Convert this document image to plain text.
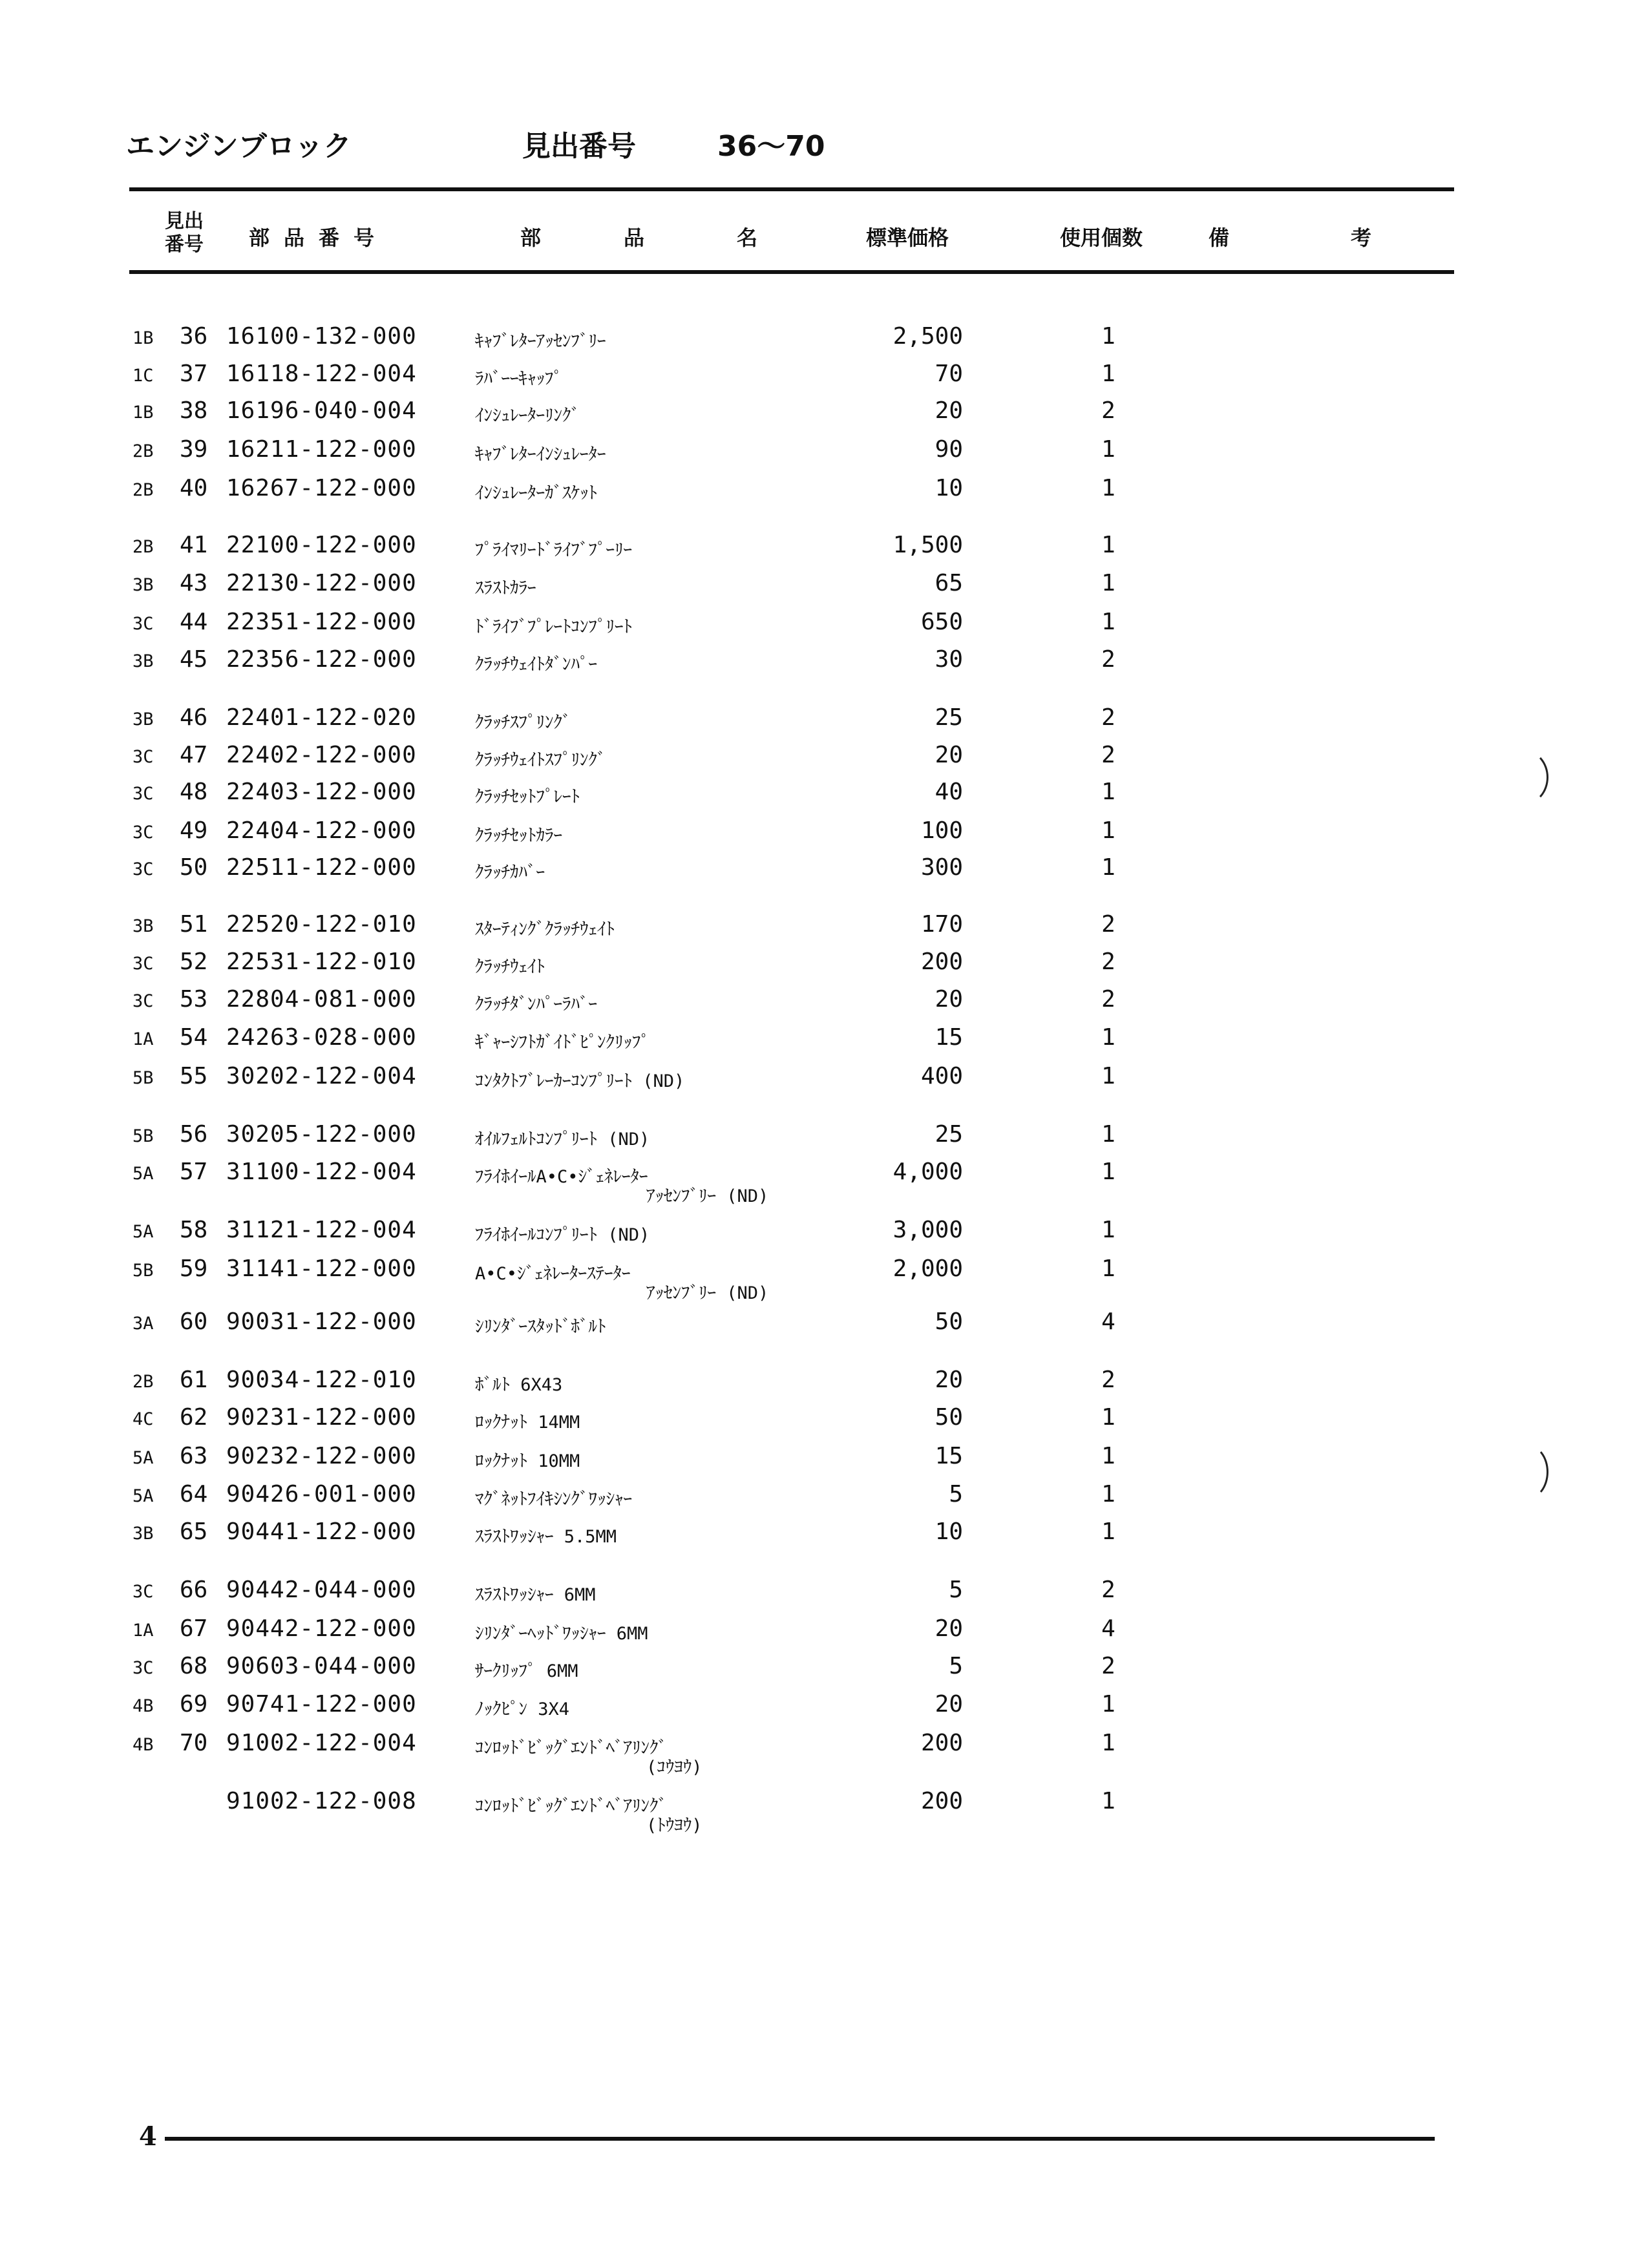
エンジンブロック	見出番号	36〜70
見出
番号 部品番号	部	品	名	標準価格	使用個数	備	考
1B 36 16100-132-000	ｷｬﾌﾞﾚﾀｰｱｯｾﾝﾌﾞﾘｰ	2,500	1
1C 37 16118-122-004	ﾗﾊﾞｰｰｷｬｯﾌﾟ	70	1
1B 38 16196-040-004	ｲﾝｼｭﾚｰﾀｰﾘﾝｸﾞ	20	2
2B 39 16211-122-000	ｷｬﾌﾞﾚﾀｰｲﾝｼｭﾚｰﾀｰ	90	1
2B 40 16267-122-000	ｲﾝｼｭﾚｰﾀｰｶﾞｽｹｯﾄ	10	1
2B 41 22100-122-000	ﾌﾟﾗｲﾏﾘｰﾄﾞﾗｲﾌﾞﾌﾟｰﾘｰ	1,500	1
3B 43 22130-122-000	ｽﾗｽﾄｶﾗｰ	65	1
3C 44 22351-122-000	ﾄﾞﾗｲﾌﾞﾌﾟﾚｰﾄｺﾝﾌﾟﾘｰﾄ	650	1
3B 45 22356-122-000	ｸﾗｯﾁｳｪｲﾄﾀﾞﾝﾊﾟｰ	30	2
3B 46 22401-122-020	ｸﾗｯﾁｽﾌﾟﾘﾝｸﾞ	25	2
3C 47 22402-122-000	ｸﾗｯﾁｳｪｲﾄｽﾌﾟﾘﾝｸﾞ	20	2
3C 48 22403-122-000	ｸﾗｯﾁｾｯﾄﾌﾟﾚｰﾄ	40	1
3C 49 22404-122-000	ｸﾗｯﾁｾｯﾄｶﾗｰ	100	1
3C 50 22511-122-000	ｸﾗｯﾁｶﾊﾞｰ	300	1
3B 51 22520-122-010	ｽﾀｰﾃｨﾝｸﾞｸﾗｯﾁｳｪｲﾄ	170	2
3C 52 22531-122-010	ｸﾗｯﾁｳｪｲﾄ	200	2
3C 53 22804-081-000	ｸﾗｯﾁﾀﾞﾝﾊﾟｰﾗﾊﾞｰ	20	2
1A 54 24263-028-000	ｷﾞｬｰｼﾌﾄｶﾞｲﾄﾞﾋﾟﾝｸﾘｯﾌﾟ	15	1
5B 55 30202-122-004	ｺﾝﾀｸﾄﾌﾞﾚｰｶｰｺﾝﾌﾟﾘｰﾄ (ND)	400	1
5B 56 30205-122-000	ｵｲﾙﾌｪﾙﾄｺﾝﾌﾟﾘｰﾄ (ND)	25	1
5A 57 31100-122-004	ﾌﾗｲﾎｲｰﾙA•C•ｼﾞｪﾈﾚｰﾀｰ
ｱｯｾﾝﾌﾞﾘｰ (ND)
4,000	1
5A 58 31121-122-004	ﾌﾗｲﾎｲｰﾙｺﾝﾌﾟﾘｰﾄ (ND)	3,000	1
5B 59 31141-122-000	A•C•ｼﾞｪﾈﾚｰﾀｰｽﾃｰﾀｰ
ｱｯｾﾝﾌﾞﾘｰ (ND)
2,000	1
3A 60 90031-122-000	ｼﾘﾝﾀﾞｰｽﾀｯﾄﾞﾎﾞﾙﾄ	50	4
2B 61 90034-122-010	ﾎﾞﾙﾄ 6X43	20	2
4C 62 90231-122-000	ﾛｯｸﾅｯﾄ 14MM	50	1
5A 63 90232-122-000	ﾛｯｸﾅｯﾄ 10MM	15	1
5A 64 90426-001-000	ﾏｸﾞﾈｯﾄﾌｲｷｼﾝｸﾞﾜｯｼｬｰ	5	1
3B 65 90441-122-000	ｽﾗｽﾄﾜｯｼｬｰ 5.5MM	10	1
3C 66 90442-044-000	ｽﾗｽﾄﾜｯｼｬｰ 6MM	5	2
1A 67 90442-122-000	ｼﾘﾝﾀﾞｰﾍｯﾄﾞﾜｯｼｬｰ 6MM	20	4
3C 68 90603-044-000	ｻｰｸﾘｯﾌﾟ 6MM	5	2
4B 69 90741-122-000	ﾉｯｸﾋﾟﾝ 3X4	20	1
4B 70 91002-122-004	ｺﾝﾛｯﾄﾞﾋﾞｯｸﾞｴﾝﾄﾞﾍﾞｱﾘﾝｸﾞ
(ｺｳﾖｳ)
200	1
91002-122-008	ｺﾝﾛｯﾄﾞﾋﾞｯｸﾞｴﾝﾄﾞﾍﾞｱﾘﾝｸﾞ
(ﾄｳﾖｳ)
200	1
4
